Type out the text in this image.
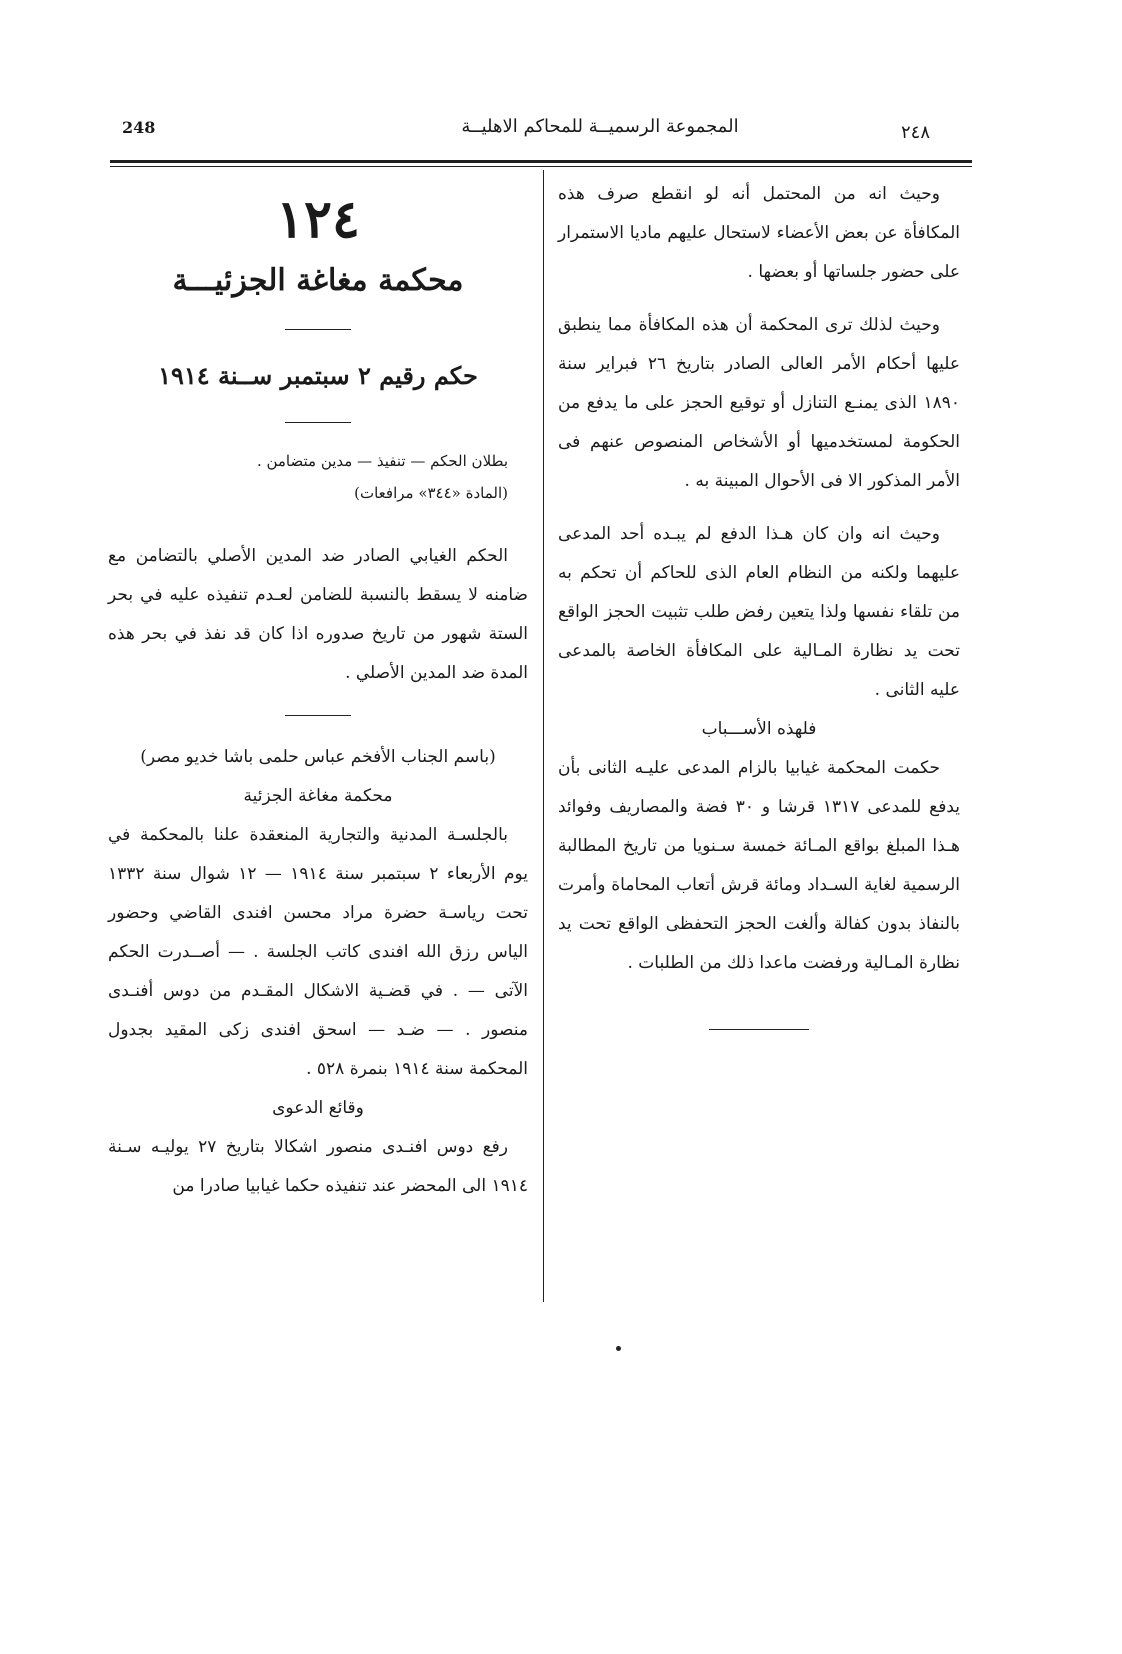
248	المجموعة الرسميــة للمحاكم الاهليــة	٢٤٨

وحيث انه من المحتمل أنه لو انقطع صرف هذه المكافأة عن بعض الأعضاء لاستحال عليهم ماديا الاستمرار على حضور جلساتها أو بعضها .

وحيث لذلك ترى المحكمة أن هذه المكافأة مما ينطبق عليها أحكام الأمر العالى الصادر بتاريخ ٢٦ فبراير سنة ١٨٩٠ الذى يمنـع التنازل أو توقيع الحجز على ما يدفع من الحكومة لمستخدميها أو الأشخاص المنصوص عنهم فى الأمر المذكور الا فى الأحوال المبينة به .

وحيث انه وان كان هـذا الدفع لم يبـده أحد المدعى عليهما ولكنه من النظام العام الذى للحاكم أن تحكم به من تلقاء نفسها ولذا يتعين رفض طلب تثبيت الحجز الواقع تحت يد نظارة المـالية على المكافأة الخاصة بالمدعى عليه الثانى .

فلهذه الأســـباب

حكمت المحكمة غيابيا بالزام المدعى عليـه الثانى بأن يدفع للمدعى ١٣١٧ قرشا و ٣٠ فضة والمصاريف وفوائد هـذا المبلغ بواقع المـائة خمسة سـنويا من تاريخ المطالبة الرسمية لغاية السـداد ومائة قرش أتعاب المحاماة وأمرت بالنفاذ بدون كفالة وألغت الحجز التحفظى الواقع تحت يد نظارة المـالية ورفضت ماعدا ذلك من الطلبات .

١٢٤
محكمة مغاغة الجزئيـــة
حكم رقيم ٢ سبتمبر ســنة ١٩١٤

بطلان الحكم — تنفيذ — مدين متضامن .

(المادة «٣٤٤» مرافعات)

الحكم الغيابي الصادر ضد المدين الأصلي بالتضامن مع ضامنه لا يسقط بالنسبة للضامن لعـدم تنفيذه عليه في بحر الستة شهور من تاريخ صدوره اذا كان قد نفذ في بحر هذه المدة ضد المدين الأصلي .

(باسم الجناب الأفخم عباس حلمى باشا خديو مصر)

محكمة مغاغة الجزئية

بالجلسـة المدنية والتجارية المنعقدة علنا بالمحكمة في يوم الأربعاء ٢ سبتمبر سنة ١٩١٤ — ١٢ شوال سنة ١٣٣٢ تحت رياسـة حضرة مراد محسن افندى القاضي وحضور الياس رزق الله افندى كاتب الجلسة . — أصــدرت الحكم الآتى — . في قضـية الاشكال المقـدم من دوس أفنـدى منصور . — ضـد — اسحق افندى زكى المقيد بجدول المحكمة سنة ١٩١٤ بنمرة ٥٢٨ .

وقائع الدعوى

رفع دوس افنـدى منصور اشكالا بتاريخ ٢٧ يوليـه سـنة ١٩١٤ الى المحضر عند تنفيذه حكما غيابيا صادرا من
